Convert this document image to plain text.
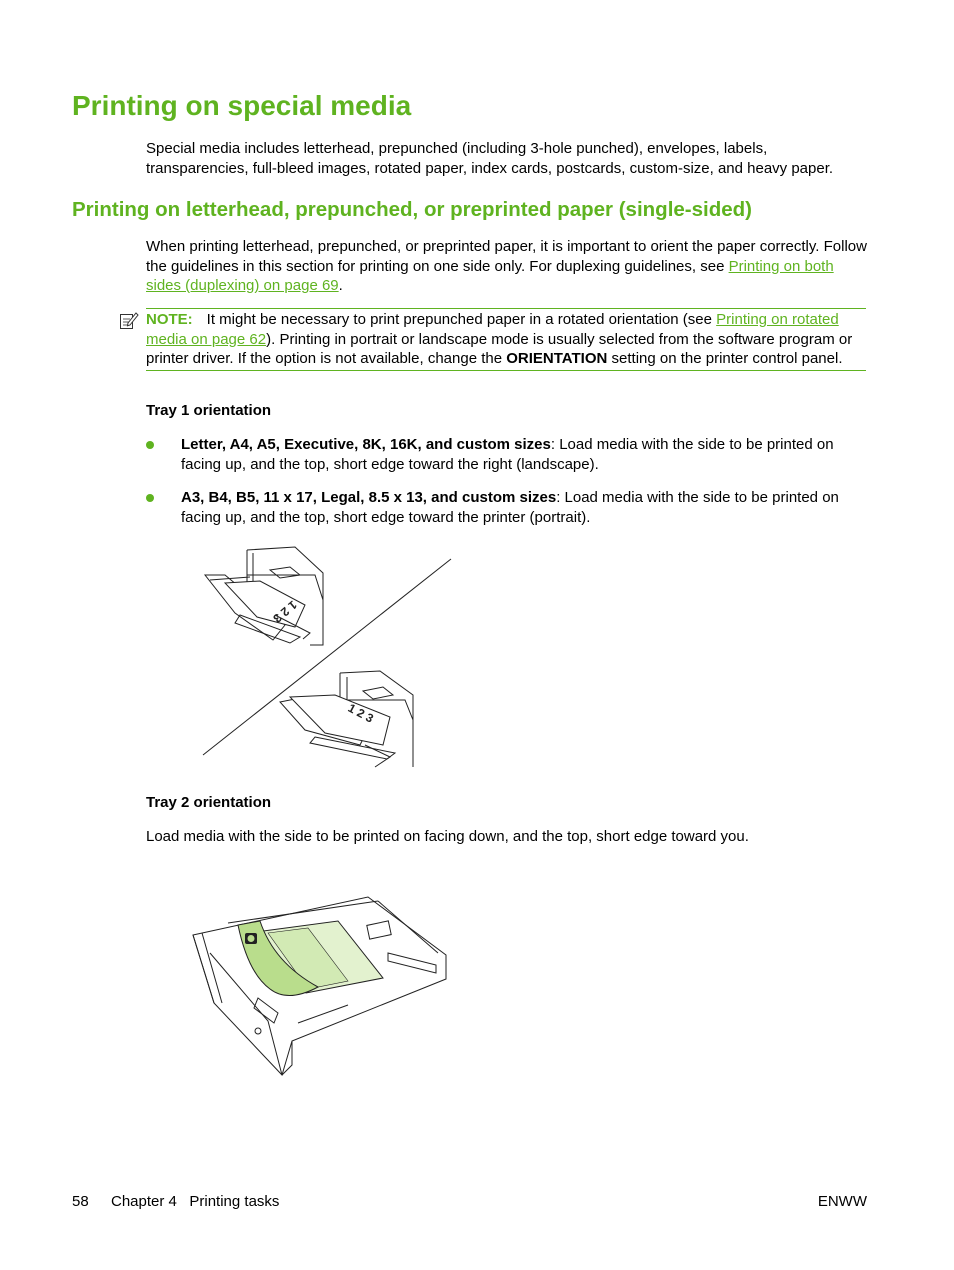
Printing on special media

Special media includes letterhead, prepunched (including 3-hole punched), envelopes, labels, transparencies, full-bleed images, rotated paper, index cards, postcards, custom-size, and heavy paper.

Printing on letterhead, prepunched, or preprinted paper (single-sided)

When printing letterhead, prepunched, or preprinted paper, it is important to orient the paper correctly. Follow the guidelines in this section for printing on one side only. For duplexing guidelines, see Printing on both sides (duplexing) on page 69.

NOTE: It might be necessary to print prepunched paper in a rotated orientation (see Printing on rotated media on page 62). Printing in portrait or landscape mode is usually selected from the software program or printer driver. If the option is not available, change the ORIENTATION setting on the printer control panel.
Tray 1 orientation
Letter, A4, A5, Executive, 8K, 16K, and custom sizes: Load media with the side to be printed on facing up, and the top, short edge toward the right (landscape).
A3, B4, B5, 11 x 17, Legal, 8.5 x 13, and custom sizes: Load media with the side to be printed on facing up, and the top, short edge toward the printer (portrait).
1 2 3
1 2 3
Tray 2 orientation

Load media with the side to be printed on facing down, and the top, short edge toward you.

58 Chapter 4   Printing tasks	ENWW
